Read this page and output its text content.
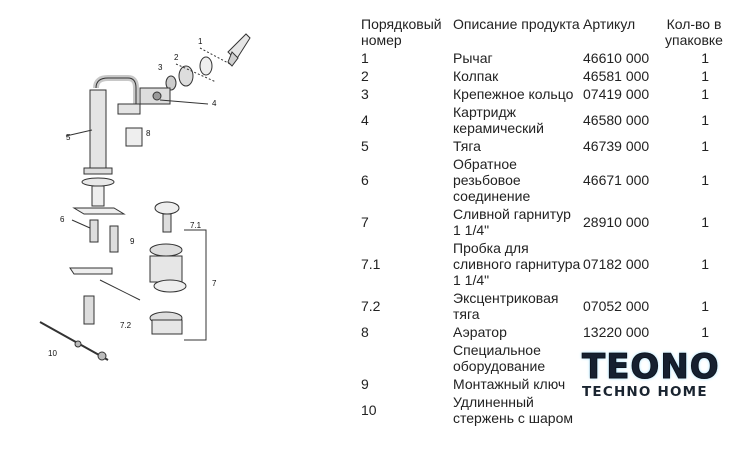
1
2
3
4
5
6
7
7.1
7.2
8
9
10
Порядковый номер	Описание продукта	Артикул	Кол-во в упаковке
1	Рычаг	46610 000	1
2	Колпак	46581 000	1
3	Крепежное кольцо	07419 000	1
4	Картридж керамический	46580 000	1
5	Тяга	46739 000	1
6	Обратное резьбовое соединение	46671 000	1
7	Сливной гарнитур 1 1/4"	28910 000	1
7.1	Пробка для сливного гарнитура 1 1/4"	07182 000	1
7.2	Эксцентриковая тяга	07052 000	1
8	Аэратор	13220 000	1
	Специальное оборудование		
9	Монтажный ключ		
10	Удлиненный стержень с шаром		
TEONO
TECHNO HOME
